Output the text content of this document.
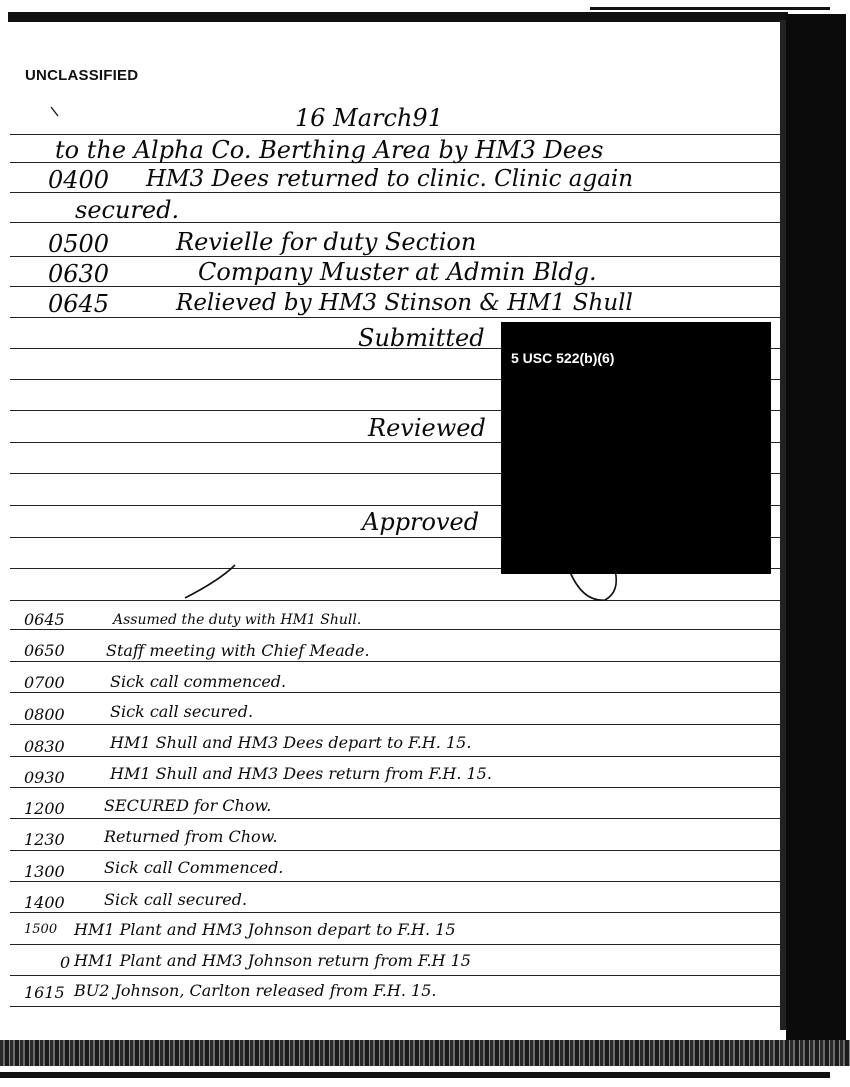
UNCLASSIFIED
16 March91
to the Alpha Co. Berthing Area by HM3 Dees
0400 HM3 Dees returned to clinic. Clinic again
secured.
0500	Revielle for duty Section
0630	Company Muster at Admin Bldg.
0645	Relieved by HM3 Stinson & HM1 Shull
Submitted
Reviewed
Approved
5 USC 522(b)(6)
0645	Assumed the duty with HM1 Shull.
0650	Staff meeting with Chief Meade.
0700	Sick call commenced.
0800	Sick call secured.
0830	HM1 Shull and HM3 Dees depart to F.H. 15.
0930	HM1 Shull and HM3 Dees return from F.H. 15.
1200 SECURED for Chow.
1230 Returned from Chow.
1300 Sick call Commenced.
1400 Sick call secured.
1500 HM1 Plant and HM3 Johnson depart to F.H. 15
0 HM1 Plant and HM3 Johnson return from F.H 15
1615 BU2 Johnson, Carlton released from F.H. 15.
